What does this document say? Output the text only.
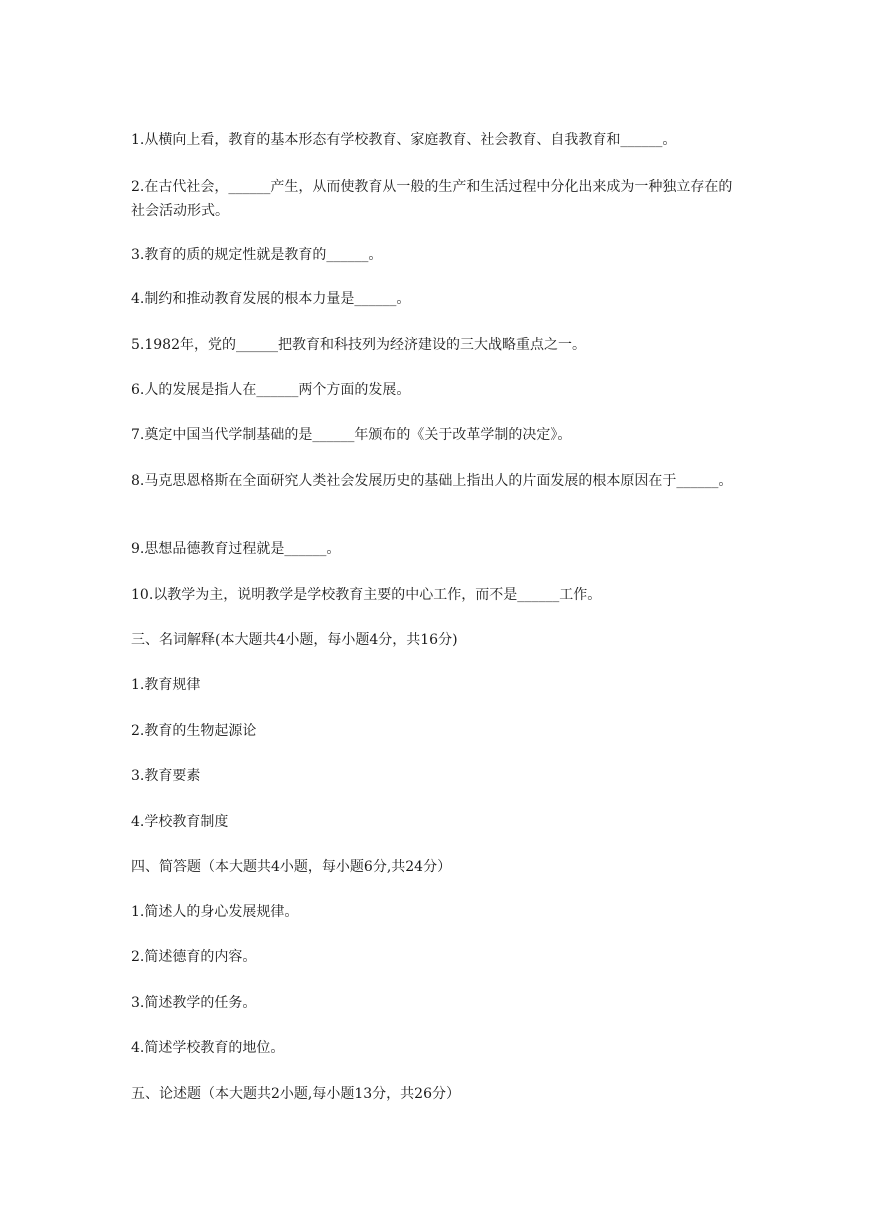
1.从横向上看，教育的基本形态有学校教育、家庭教育、社会教育、自我教育和______。

2.在古代社会，______产生，从而使教育从一般的生产和生活过程中分化出来成为一种独立存在的社会活动形式。

3.教育的质的规定性就是教育的______。

4.制约和推动教育发展的根本力量是______。

5.1982年，党的______把教育和科技列为经济建设的三大战略重点之一。

6.人的发展是指人在______两个方面的发展。

7.奠定中国当代学制基础的是______年颁布的《关于改革学制的决定》。

8.马克思恩格斯在全面研究人类社会发展历史的基础上指出人的片面发展的根本原因在于______。

9.思想品德教育过程就是______。

10.以教学为主，说明教学是学校教育主要的中心工作，而不是______工作。

三、名词解释(本大题共4小题，每小题4分，共16分)

1.教育规律

2.教育的生物起源论

3.教育要素

4.学校教育制度

四、简答题（本大题共4小题，每小题6分,共24分）

1.简述人的身心发展规律。

2.简述德育的内容。

3.简述教学的任务。

4.简述学校教育的地位。

五、论述题（本大题共2小题,每小题13分，共26分）
